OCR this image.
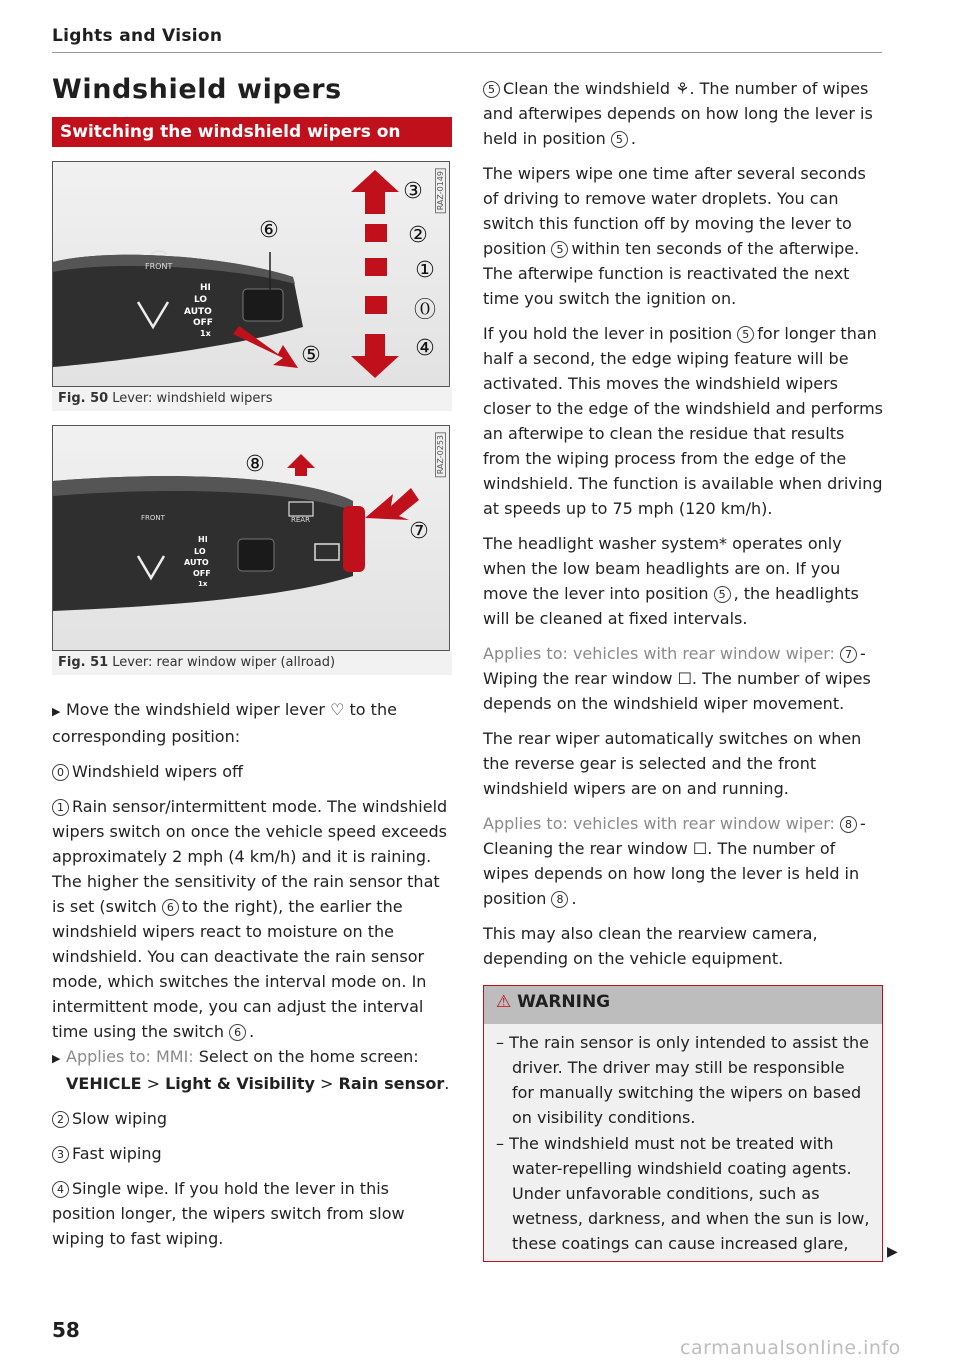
Lights and Vision
Windshield wipers
Switching the windshield wipers on
RAZ-0149
FRONT
HI
LO
AUTO
OFF
1x
⑥
③
②
①
⓪
⑤	④
Fig. 50 Lever: windshield wipers
RAZ-0253
FRONT	REAR
HI
LO
AUTO
OFF
1x
⑧
⑦
Fig. 51 Lever: rear window wiper (allroad)

▶ Move the windshield wiper lever ♡ to the corresponding position:

0 Windshield wipers off

1 Rain sensor/intermittent mode. The windshield wipers switch on once the vehicle speed exceeds approximately 2 mph (4 km/h) and it is raining. The higher the sensitivity of the rain sensor that is set (switch 6 to the right), the earlier the windshield wipers react to moisture on the windshield. You can deactivate the rain sensor mode, which switches the interval mode on. In intermittent mode, you can adjust the interval time using the switch 6 .

▶ Applies to: MMI: Select on the home screen:
VEHICLE > Light & Visibility > Rain sensor.

2 Slow wiping

3 Fast wiping

4 Single wipe. If you hold the lever in this position longer, the wipers switch from slow wiping to fast wiping.

5 Clean the windshield ⚘. The number of wipes and afterwipes depends on how long the lever is held in position 5 .

The wipers wipe one time after several seconds of driving to remove water droplets. You can switch this function off by moving the lever to position 5 within ten seconds of the afterwipe. The afterwipe function is reactivated the next time you switch the ignition on.

If you hold the lever in position 5 for longer than half a second, the edge wiping feature will be activated. This moves the windshield wipers closer to the edge of the windshield and performs an afterwipe to clean the residue that results from the wiping process from the edge of the windshield. The function is available when driving at speeds up to 75 mph (120 km/h).

The headlight washer system* operates only when the low beam headlights are on. If you move the lever into position 5 , the headlights will be cleaned at fixed intervals.

Applies to: vehicles with rear window wiper: 7 - Wiping the rear window ☐. The number of wipes depends on the windshield wiper movement.

The rear wiper automatically switches on when the reverse gear is selected and the front windshield wipers are on and running.

Applies to: vehicles with rear window wiper: 8 - Cleaning the rear window ☐. The number of wipes depends on how long the lever is held in position 8 .

This may also clean the rearview camera, depending on the vehicle equipment.

⚠ WARNING
– The rain sensor is only intended to assist the driver. The driver may still be responsible for manually switching the wipers on based on visibility conditions.
– The windshield must not be treated with water-repelling windshield coating agents. Under unfavorable conditions, such as wetness, darkness, and when the sun is low, these coatings can cause increased glare,	▶
58
carmanualsonline.info
